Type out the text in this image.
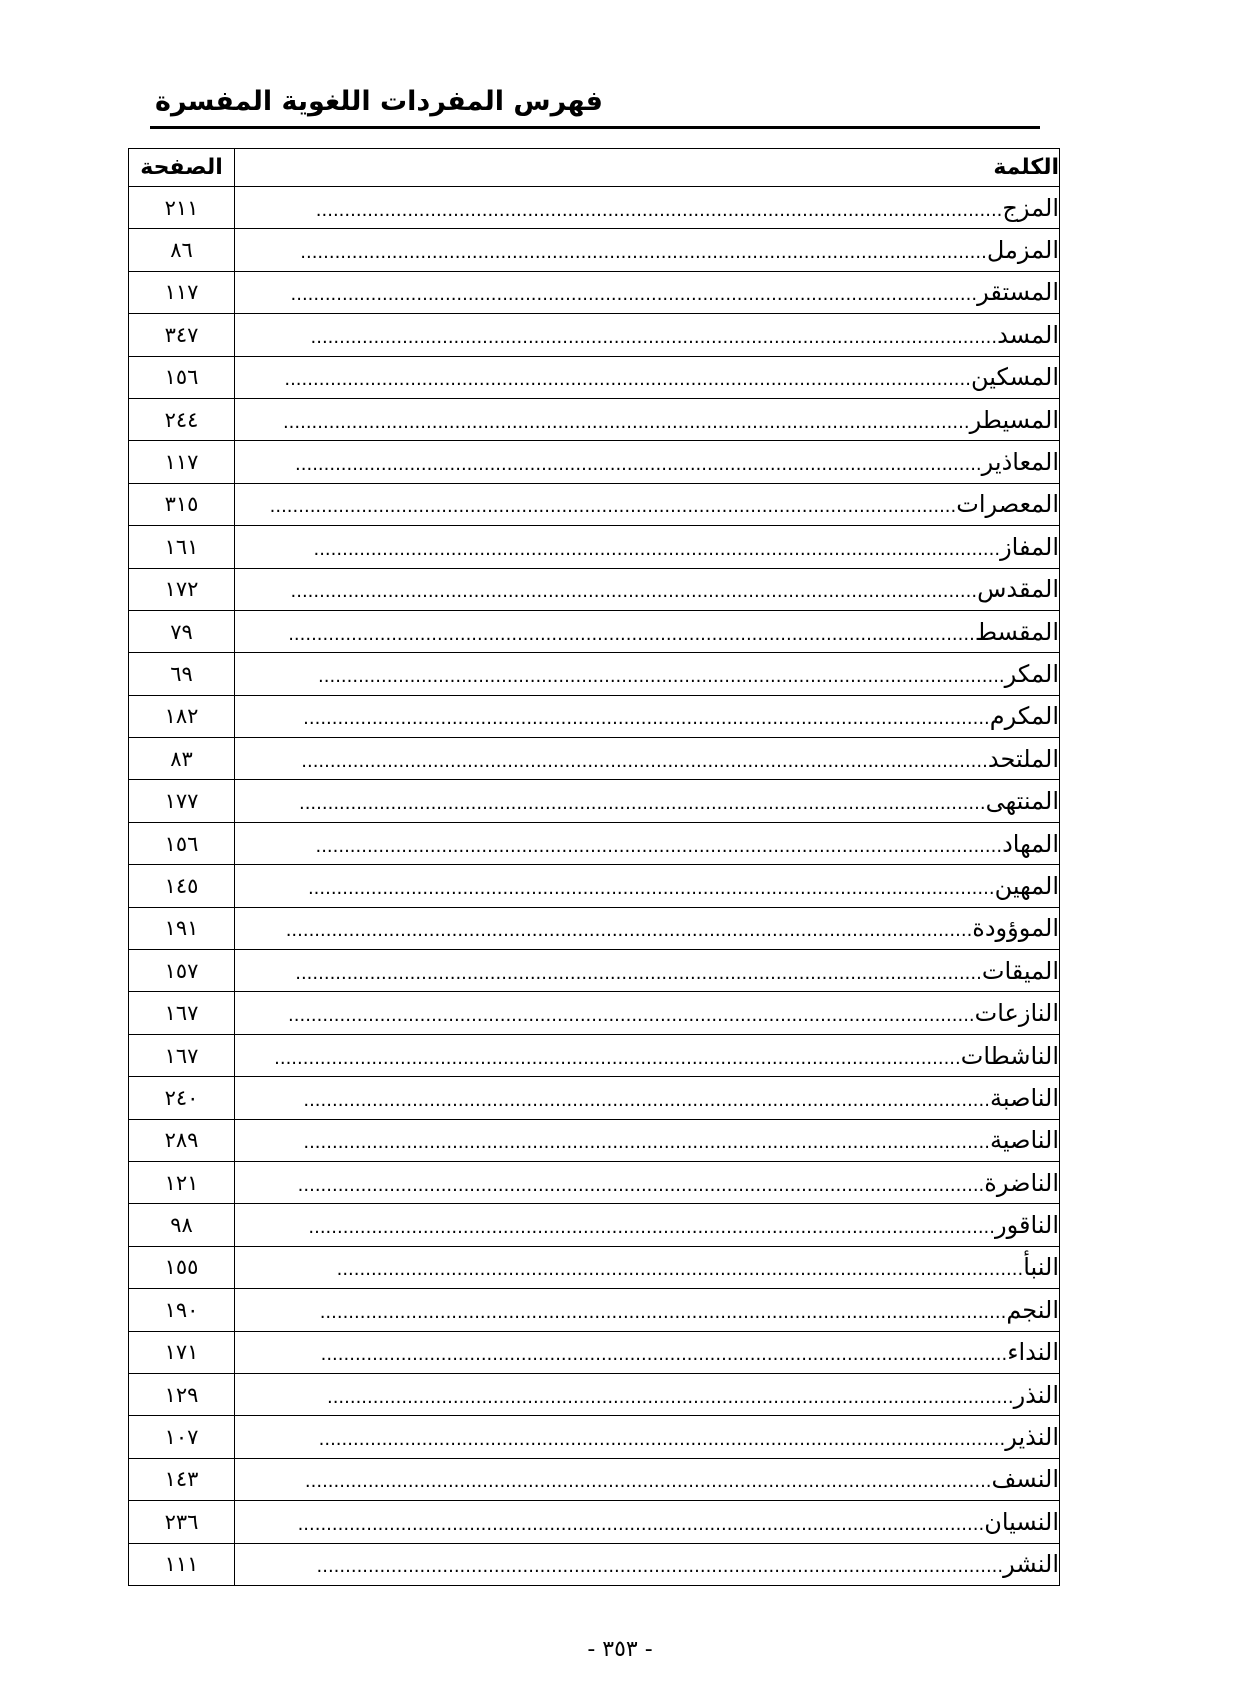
فهرس المفردات اللغوية المفسرة
الكلمة	الصفحة
المزج........................................................................................................................	٢١١
المزمل........................................................................................................................	٨٦
المستقر........................................................................................................................	١١٧
المسد........................................................................................................................	٣٤٧
المسكين........................................................................................................................	١٥٦
المسيطر........................................................................................................................	٢٤٤
المعاذير........................................................................................................................	١١٧
المعصرات........................................................................................................................	٣١٥
المفاز........................................................................................................................	١٦١
المقدس........................................................................................................................	١٧٢
المقسط........................................................................................................................	٧٩
المكر........................................................................................................................	٦٩
المكرم........................................................................................................................	١٨٢
الملتحد........................................................................................................................	٨٣
المنتهى........................................................................................................................	١٧٧
المهاد........................................................................................................................	١٥٦
المهين........................................................................................................................	١٤٥
الموؤودة........................................................................................................................	١٩١
الميقات........................................................................................................................	١٥٧
النازعات........................................................................................................................	١٦٧
الناشطات........................................................................................................................	١٦٧
الناصبة........................................................................................................................	٢٤٠
الناصية........................................................................................................................	٢٨٩
الناضرة........................................................................................................................	١٢١
الناقور........................................................................................................................	٩٨
النبأ........................................................................................................................	١٥٥
النجم........................................................................................................................	١٩٠
النداء........................................................................................................................	١٧١
النذر........................................................................................................................	١٢٩
النذير........................................................................................................................	١٠٧
النسف........................................................................................................................	١٤٣
النسيان........................................................................................................................	٢٣٦
النشر........................................................................................................................	١١١
- ٣٥٣ -
